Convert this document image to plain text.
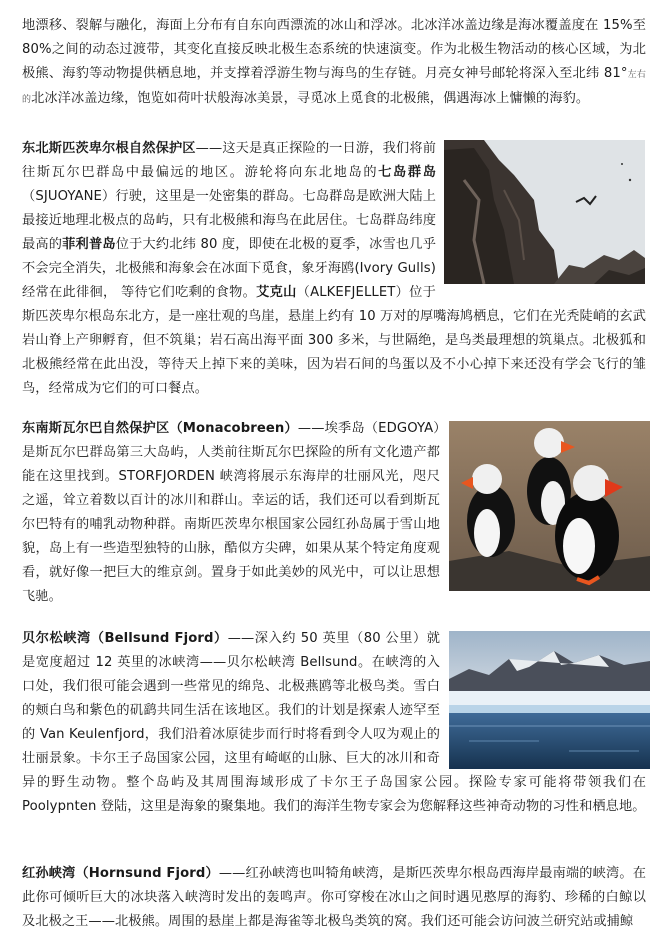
地漂移、裂解与融化，海面上分布有自东向西漂流的冰山和浮冰。北冰洋冰盖边缘是海冰覆盖度在 15%至 80%之间的动态过渡带，其变化直接反映北极生态系统的快速演变。作为北极生物活动的核心区域，为北极熊、海豹等动物提供栖息地，并支撑着浮游生物与海鸟的生存链。月亮女神号邮轮将深入至北纬 81°左右的北冰洋冰盖边缘，饱览如荷叶状般海冰美景，寻觅冰上觅食的北极熊，偶遇海冰上慵懒的海豹。

东北斯匹茨卑尔根自然保护区——这天是真正探险的一日游，我们将前往斯瓦尔巴群岛中最偏远的地区。游轮将向东北地岛的七岛群岛（SJUOYANE）行驶，这里是一处密集的群岛。七岛群岛是欧洲大陆上最接近地理北极点的岛屿，只有北极熊和海鸟在此居住。七岛群岛纬度最高的菲利普岛位于大约北纬 80 度，即使在北极的夏季，冰雪也几乎不会完全消失，北极熊和海象会在冰面下觅食，象牙海鸥(Ivory Gulls) 经常在此徘徊， 等待它们吃剩的食物。艾克山（ALKEFJELLET）位于斯匹茨卑尔根岛东北方，是一座壮观的鸟崖，悬崖上约有 10 万对的厚嘴海鸠栖息，它们在光秃陡峭的玄武岩山脊上产卵孵育，但不筑巢；岩石高出海平面 300 多米，与世隔绝，是鸟类最理想的筑巢点。北极狐和北极熊经常在此出没，等待天上掉下来的美味，因为岩石间的鸟蛋以及不小心掉下来还没有学会飞行的雏鸟，经常成为它们的可口餐点。

东南斯瓦尔巴自然保护区（Monacobreen）——埃季岛（EDGOYA）是斯瓦尔巴群岛第三大岛屿，人类前往斯瓦尔巴探险的所有文化遗产都能在这里找到。STORFJORDEN 峡湾将展示东海岸的壮丽风光，咫尺之遥，耸立着数以百计的冰川和群山。幸运的话，我们还可以看到斯瓦尔巴特有的哺乳动物种群。南斯匹茨卑尔根国家公园红孙岛属于雪山地貌，岛上有一些造型独特的山脉，酷似方尖碑，如果从某个特定角度观看，就好像一把巨大的维京剑。置身于如此美妙的风光中，可以让思想飞驰。

贝尔松峡湾（Bellsund Fjord）——深入约 50 英里（80 公里）就是宽度超过 12 英里的冰峡湾——贝尔松峡湾 Bellsund。在峡湾的入口处，我们很可能会遇到一些常见的绵凫、北极燕鸥等北极鸟类。雪白的颊白鸟和紫色的矶鹞共同生活在该地区。我们的计划是探索人迹罕至的 Van Keulenfjord，我们沿着冰原徒步而行时将看到令人叹为观止的壮丽景象。卡尔王子岛国家公园，这里有崎岖的山脉、巨大的冰川和奇异的野生动物。整个岛屿及其周围海域形成了卡尔王子岛国家公园。探险专家可能将带领我们在 Poolypnten 登陆，这里是海象的聚集地。我们的海洋生物专家会为您解释这些神奇动物的习性和栖息地。

红孙峡湾（Hornsund Fjord）——红孙峡湾也叫犄角峡湾，是斯匹茨卑尔根岛西海岸最南端的峡湾。在此你可倾听巨大的冰块落入峡湾时发出的轰鸣声。你可穿梭在冰山之间时遇见憨厚的海豹、珍稀的白鲸以及北极之王——北极熊。周围的悬崖上都是海雀等北极鸟类筑的窝。我们还可能会访问波兰研究站或捕鲸
